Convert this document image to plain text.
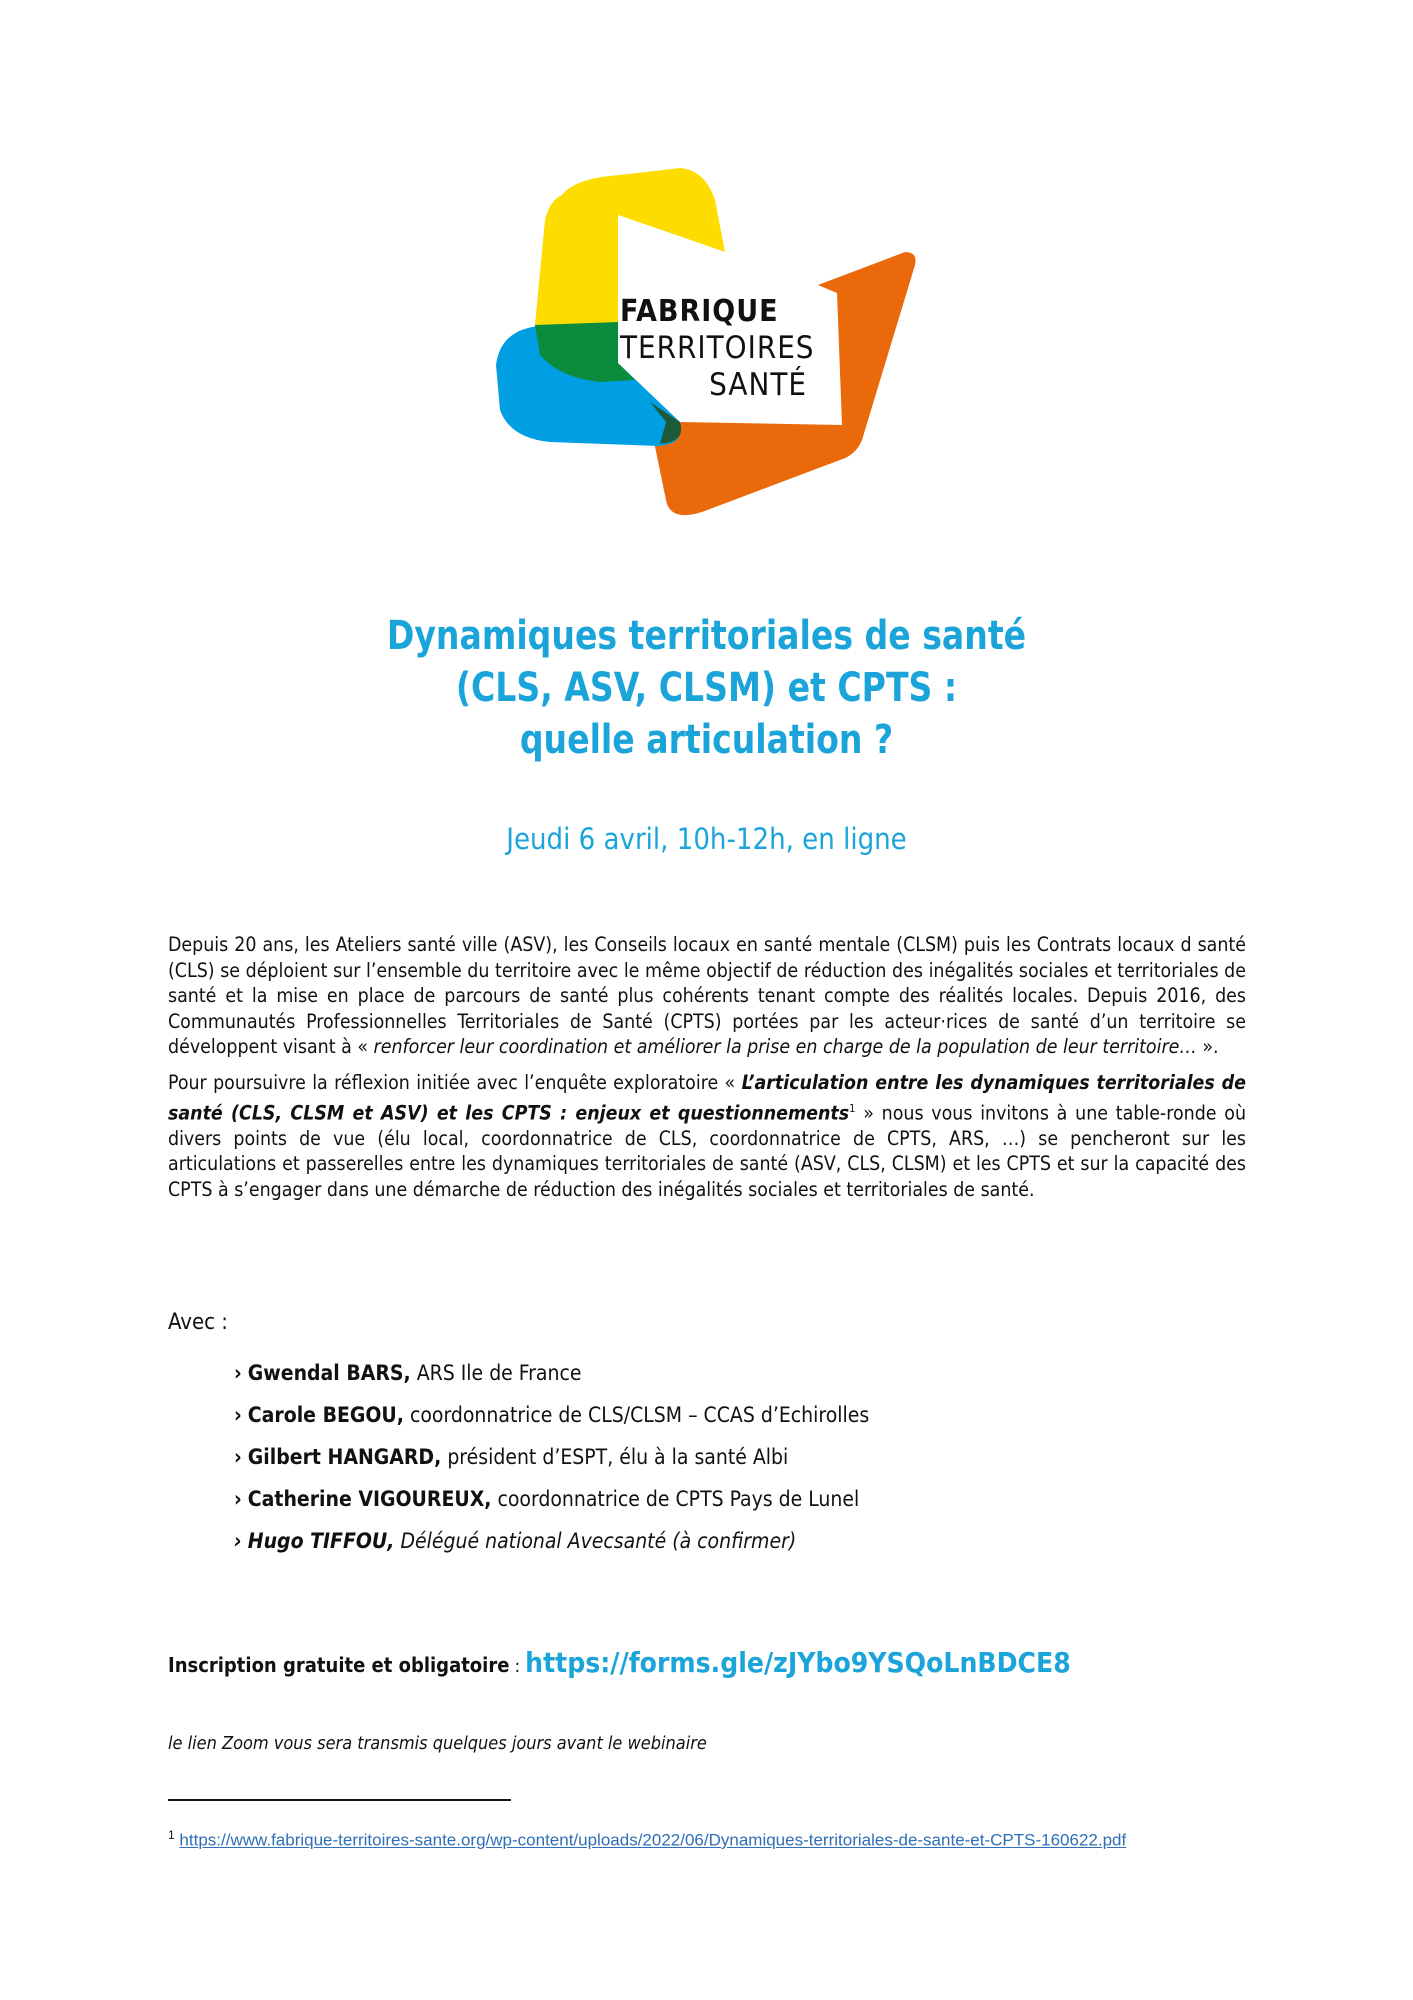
FABRIQUE
TERRITOIRES
SANTÉ
Dynamiques territoriales de santé
(CLS, ASV, CLSM) et CPTS :
quelle articulation ?
Jeudi 6 avril, 10h-12h, en ligne

Depuis 20 ans, les Ateliers santé ville (ASV), les Conseils locaux en santé mentale (CLSM) puis les Contrats locaux d santé (CLS) se déploient sur l’ensemble du territoire avec le même objectif de réduction des inégalités sociales et territoriales de santé et la mise en place de parcours de santé plus cohérents tenant compte des réalités locales. Depuis 2016, des Communautés Professionnelles Territoriales de Santé (CPTS) portées par les acteur·rices de santé d’un territoire se développent visant à « renforcer leur coordination et améliorer la prise en charge de la population de leur territoire… ».

Pour poursuivre la réflexion initiée avec l’enquête exploratoire « L’articulation entre les dynamiques territoriales de santé (CLS, CLSM et ASV) et les CPTS : enjeux et questionnements$^1$ » nous vous invitons à une table-ronde où divers points de vue (élu local, coordonnatrice de CLS, coordonnatrice de CPTS, ARS, …) se pencheront sur les articulations et passerelles entre les dynamiques territoriales de santé (ASV, CLS, CLSM) et les CPTS et sur la capacité des CPTS à s’engager dans une démarche de réduction des inégalités sociales et territoriales de santé.

Avec :
› Gwendal BARS, ARS Ile de France
› Carole BEGOU, coordonnatrice de CLS/CLSM – CCAS d’Echirolles
› Gilbert HANGARD, président d’ESPT, élu à la santé Albi
› Catherine VIGOUREUX, coordonnatrice de CPTS Pays de Lunel
› Hugo TIFFOU, Délégué national Avecsanté (à confirmer)
Inscription gratuite et obligatoire : https://forms.gle/zJYbo9YSQoLnBDCE8
le lien Zoom vous sera transmis quelques jours avant le webinaire
$^1$ https://www.fabrique-territoires-sante.org/wp-content/uploads/2022/06/Dynamiques-territoriales-de-sante-et-CPTS-160622.pdf
